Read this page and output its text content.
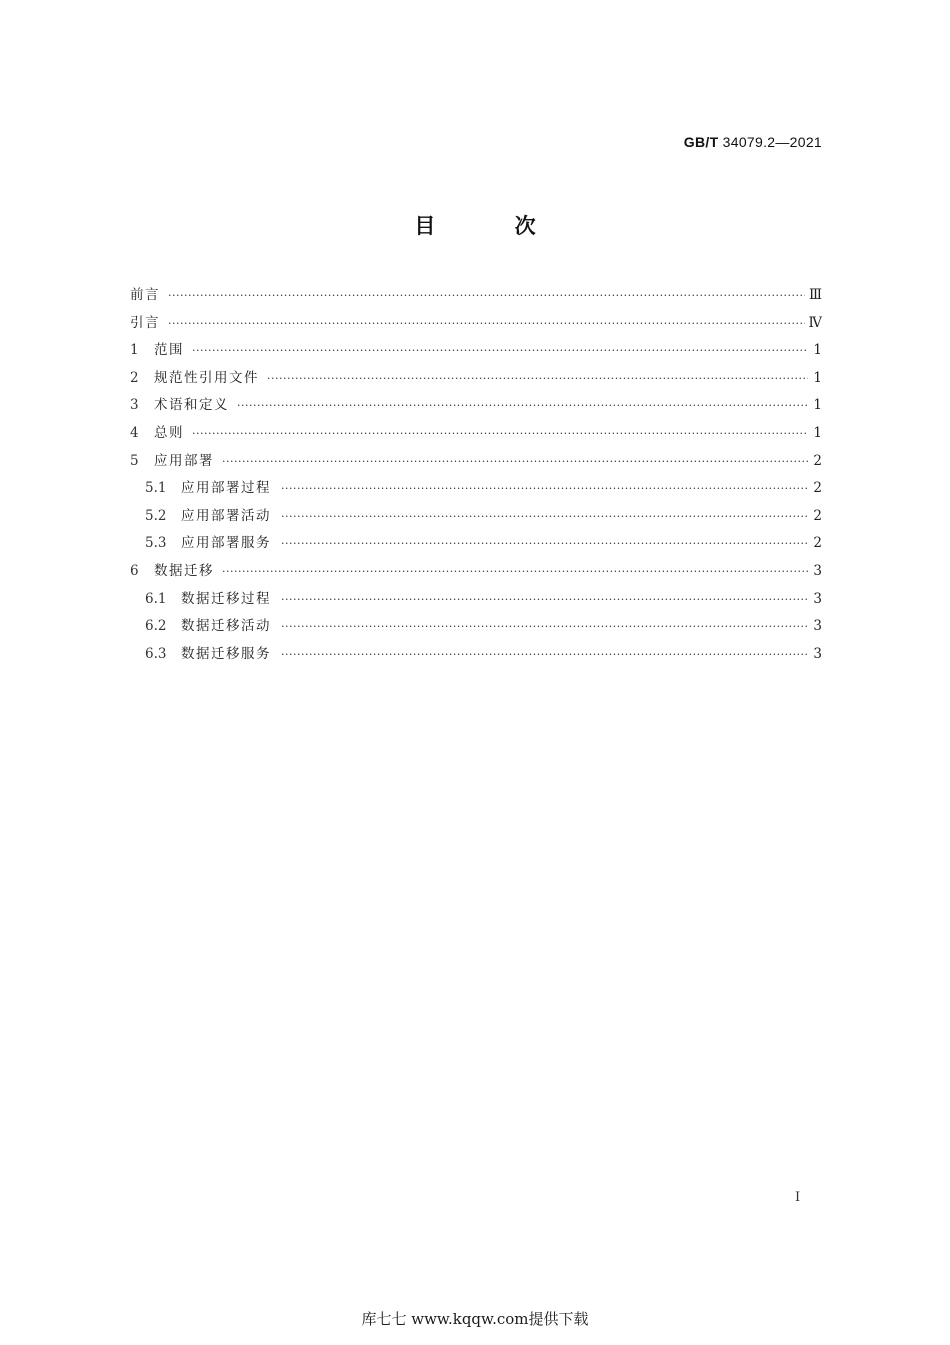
GB/T 34079.2—2021
目 次
前言 ·····	Ⅲ
引言 ·····	Ⅳ
1	范围 ·····	1
2	规范性引用文件 ·····	1
3	术语和定义 ·····	1
4	总则 ·····	1
5	应用部署 ·····	2
5.1	应用部署过程 ·····	2
5.2	应用部署活动 ·····	2
5.3	应用部署服务 ·····	2
6	数据迁移 ·····	3
6.1	数据迁移过程 ·····	3
6.2	数据迁移活动 ·····	3
6.3	数据迁移服务 ·····	3
I
库七七 www.kqqw.com提供下载
